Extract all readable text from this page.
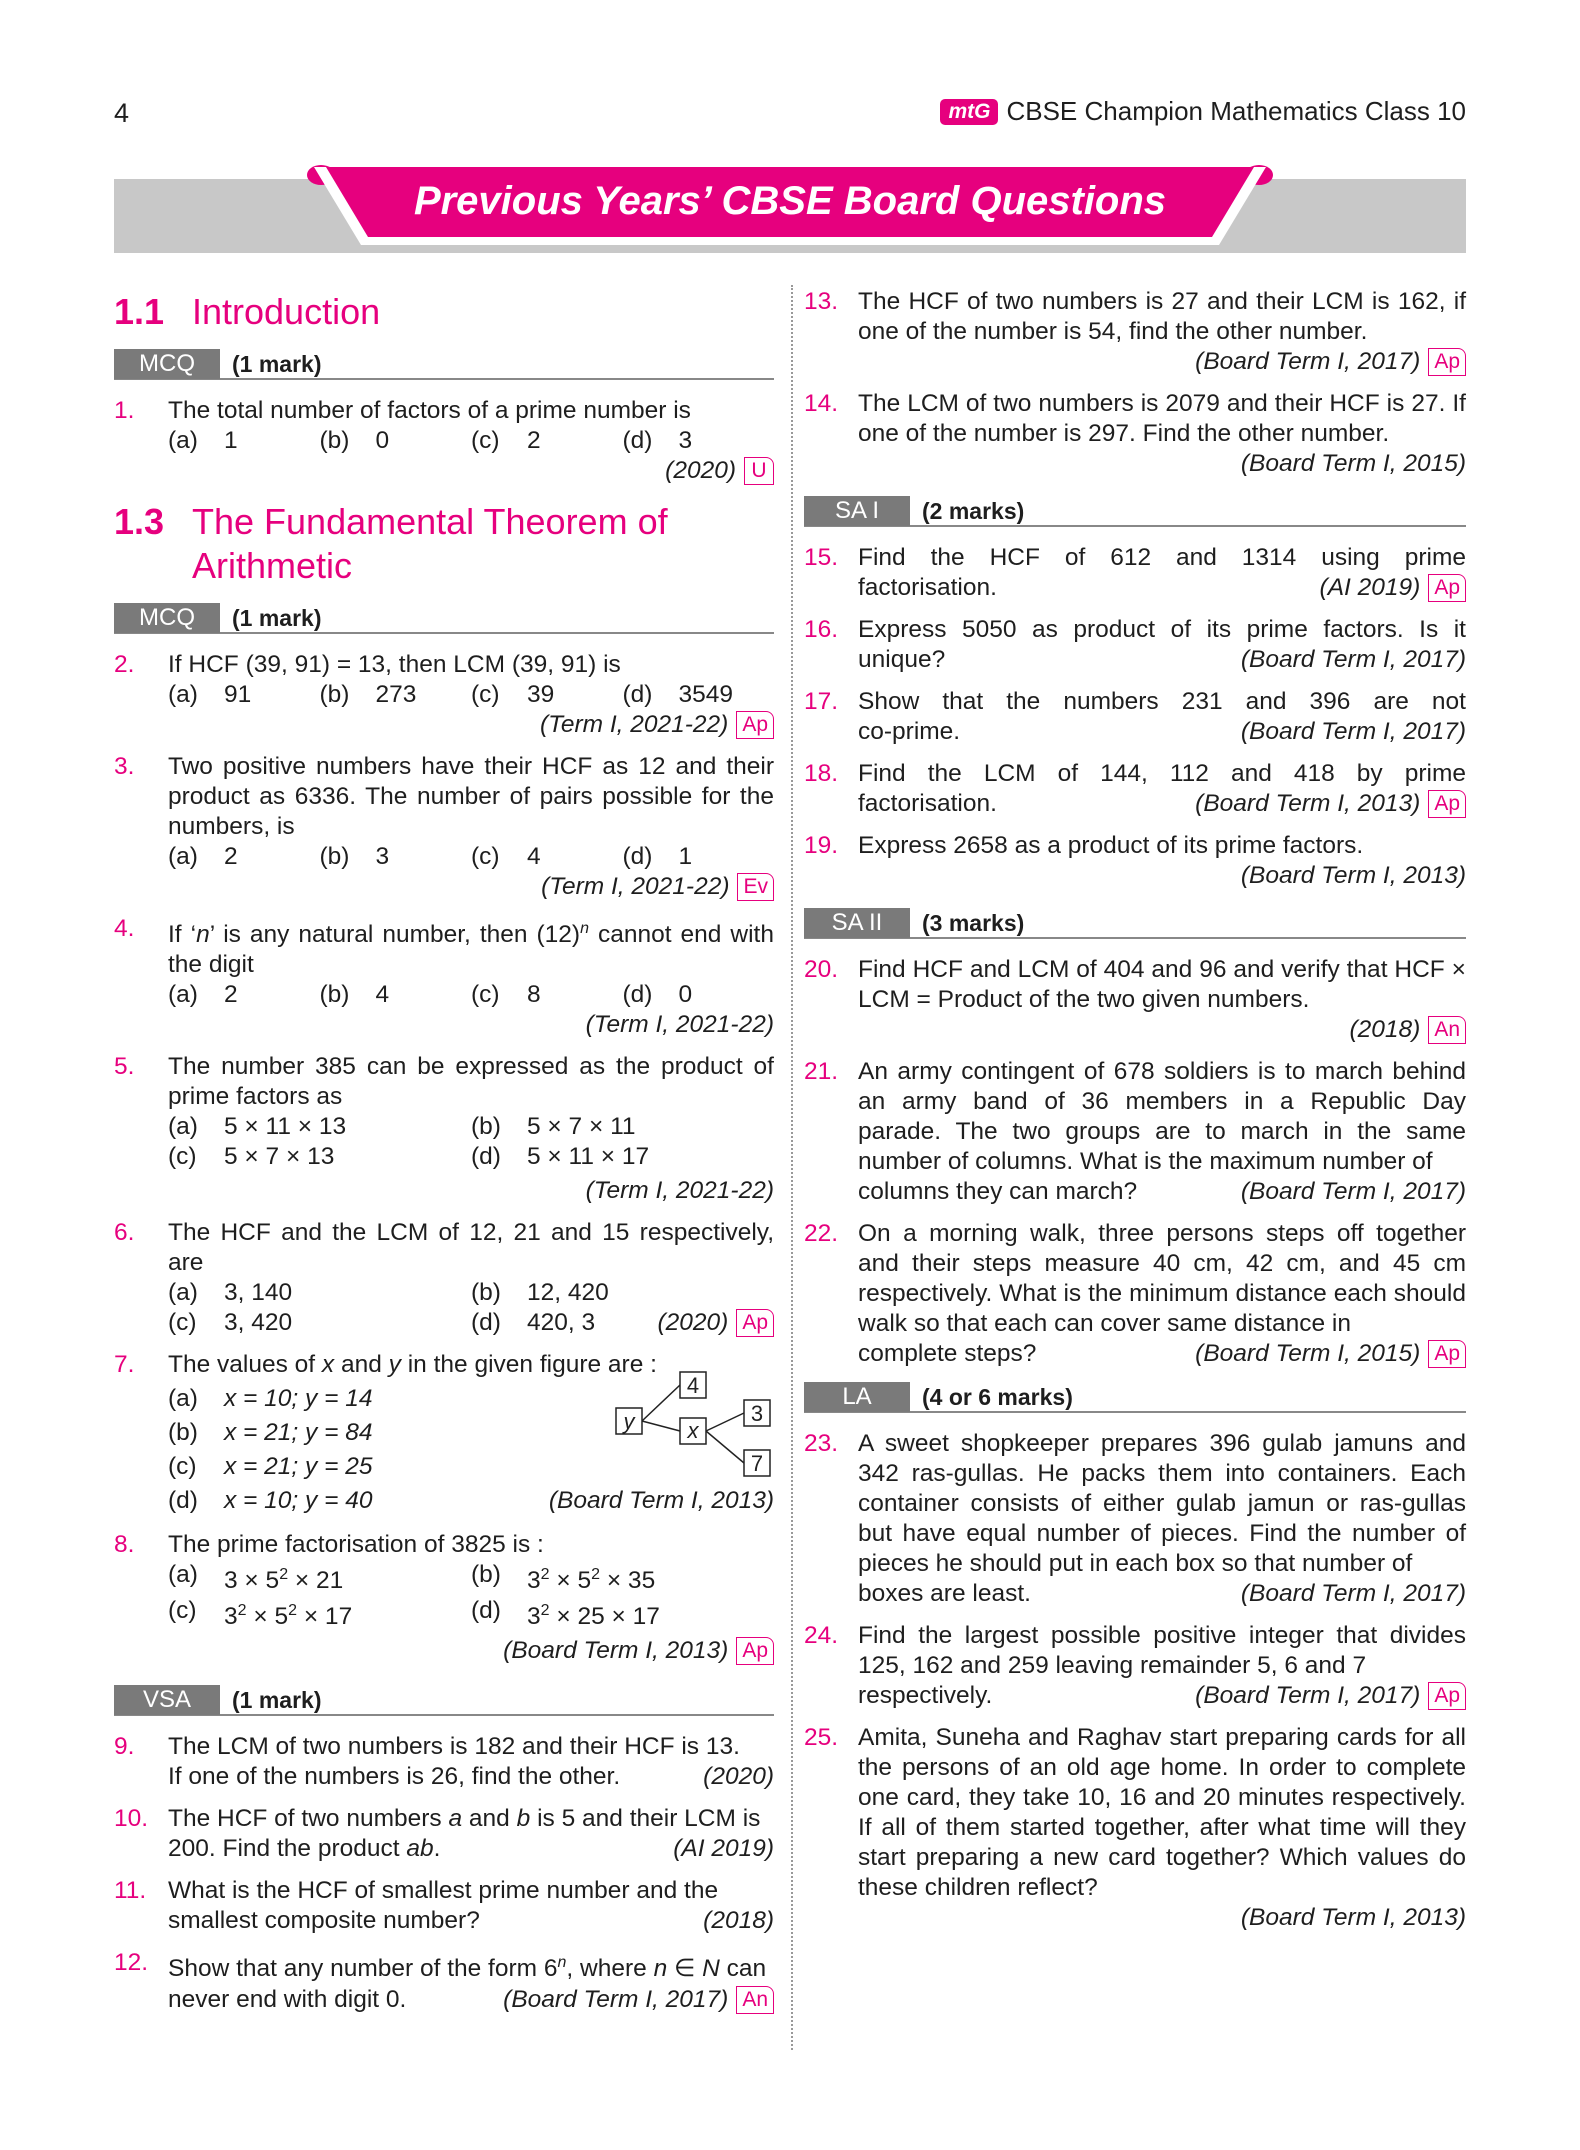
4	mtG CBSE Champion Mathematics Class 10
Previous Years’ CBSE Board Questions
1.1 Introduction
MCQ	(1 mark)
1.	The total number of factors of a prime number is
(a)	1	(b)	0	(c)	2	(d)	3
(2020) U
1.3 The Fundamental Theorem of
Arithmetic
MCQ	(1 mark)
2.	If HCF (39, 91) = 13, then LCM (39, 91) is
(a)	91	(b)	273 (c)	39	(d)	3549
(Term I, 2021-22) Ap
3.	Two positive numbers have their HCF as 12 and their product as 6336. The number of pairs possible for the numbers, is
(a)	2	(b)	3	(c)	4	(d)	1
(Term I, 2021-22) Ev
4.	If ‘n’ is any natural number, then $(12)^n$ cannot end with the digit
(a)	2	(b)	4	(c)	8	(d)	0
(Term I, 2021-22)
5.	The number 385 can be expressed as the product of prime factors as
(a)	5 × 11 × 13	(b)	5 × 7 × 11
(c)	5 × 7 × 13	(d)	5 × 11 × 17
(Term I, 2021-22)
6.	The HCF and the LCM of 12, 21 and 15 respectively, are
(a)	3, 140	(b)	12, 420
(c)	3, 420	(d)	420, 3	(2020) Ap
7.	The values of x and y in the given figure are :
(a)	x = 10; y = 14
(b)	x = 21; y = 84
(c)	x = 21; y = 25
(d)	x = 10; y = 40	(Board Term I, 2013)
y
4
x
3
7
8.	The prime factorisation of 3825 is :
(a)	$3 \times 5^2 \times 21$	(b)	$3^2 \times 5^2 \times 35$
(c)	$3^2 \times 5^2 \times 17$	(d)	$3^2 \times 25 \times 17$
(Board Term I, 2013) Ap
VSA	(1 mark)
9.	The LCM of two numbers is 182 and their HCF is 13.
If one of the numbers is 26, find the other.	(2020)
10. The HCF of two numbers a and b is 5 and their LCM is
200. Find the product ab.	(AI 2019)
11. What is the HCF of smallest prime number and the
smallest composite number?	(2018)
12. Show that any number of the form 6$^n$, where n ∈ N can
never end with digit 0.	(Board Term I, 2017) An
13. The HCF of two numbers is 27 and their LCM is 162, if one of the number is 54, find the other number.
(Board Term I, 2017) Ap
14. The LCM of two numbers is 2079 and their HCF is 27. If one of the number is 297. Find the other number.
(Board Term I, 2015)
SA I	(2 marks)
15. Find the HCF of 612 and 1314 using prime
factorisation.	(AI 2019) Ap
16. Express 5050 as product of its prime factors. Is it
unique?	(Board Term I, 2017)
17. Show that the numbers 231 and 396 are not
co-prime.	(Board Term I, 2017)
18. Find the LCM of 144, 112 and 418 by prime
factorisation.	(Board Term I, 2013) Ap
19. Express 2658 as a product of its prime factors.
(Board Term I, 2013)
SA II	(3 marks)
20. Find HCF and LCM of 404 and 96 and verify that HCF × LCM = Product of the two given numbers.
(2018) An
21. An army contingent of 678 soldiers is to march behind an army band of 36 members in a Republic Day parade. The two groups are to march in the same number of columns. What is the maximum number of
columns they can march?	(Board Term I, 2017)
22. On a morning walk, three persons steps off together and their steps measure 40 cm, 42 cm, and 45 cm respectively. What is the minimum distance each should walk so that each can cover same distance in
complete steps?	(Board Term I, 2015) Ap
LA	(4 or 6 marks)
23. A sweet shopkeeper prepares 396 gulab jamuns and 342 ras-gullas. He packs them into containers. Each container consists of either gulab jamun or ras-gullas but have equal number of pieces. Find the number of pieces he should put in each box so that number of
boxes are least.	(Board Term I, 2017)
24. Find the largest possible positive integer that divides 125, 162 and 259 leaving remainder 5, 6 and 7
respectively.	(Board Term I, 2017) Ap
25. Amita, Suneha and Raghav start preparing cards for all the persons of an old age home. In order to complete one card, they take 10, 16 and 20 minutes respectively. If all of them started together, after what time will they start preparing a new card together? Which values do these children reflect?
(Board Term I, 2013)
